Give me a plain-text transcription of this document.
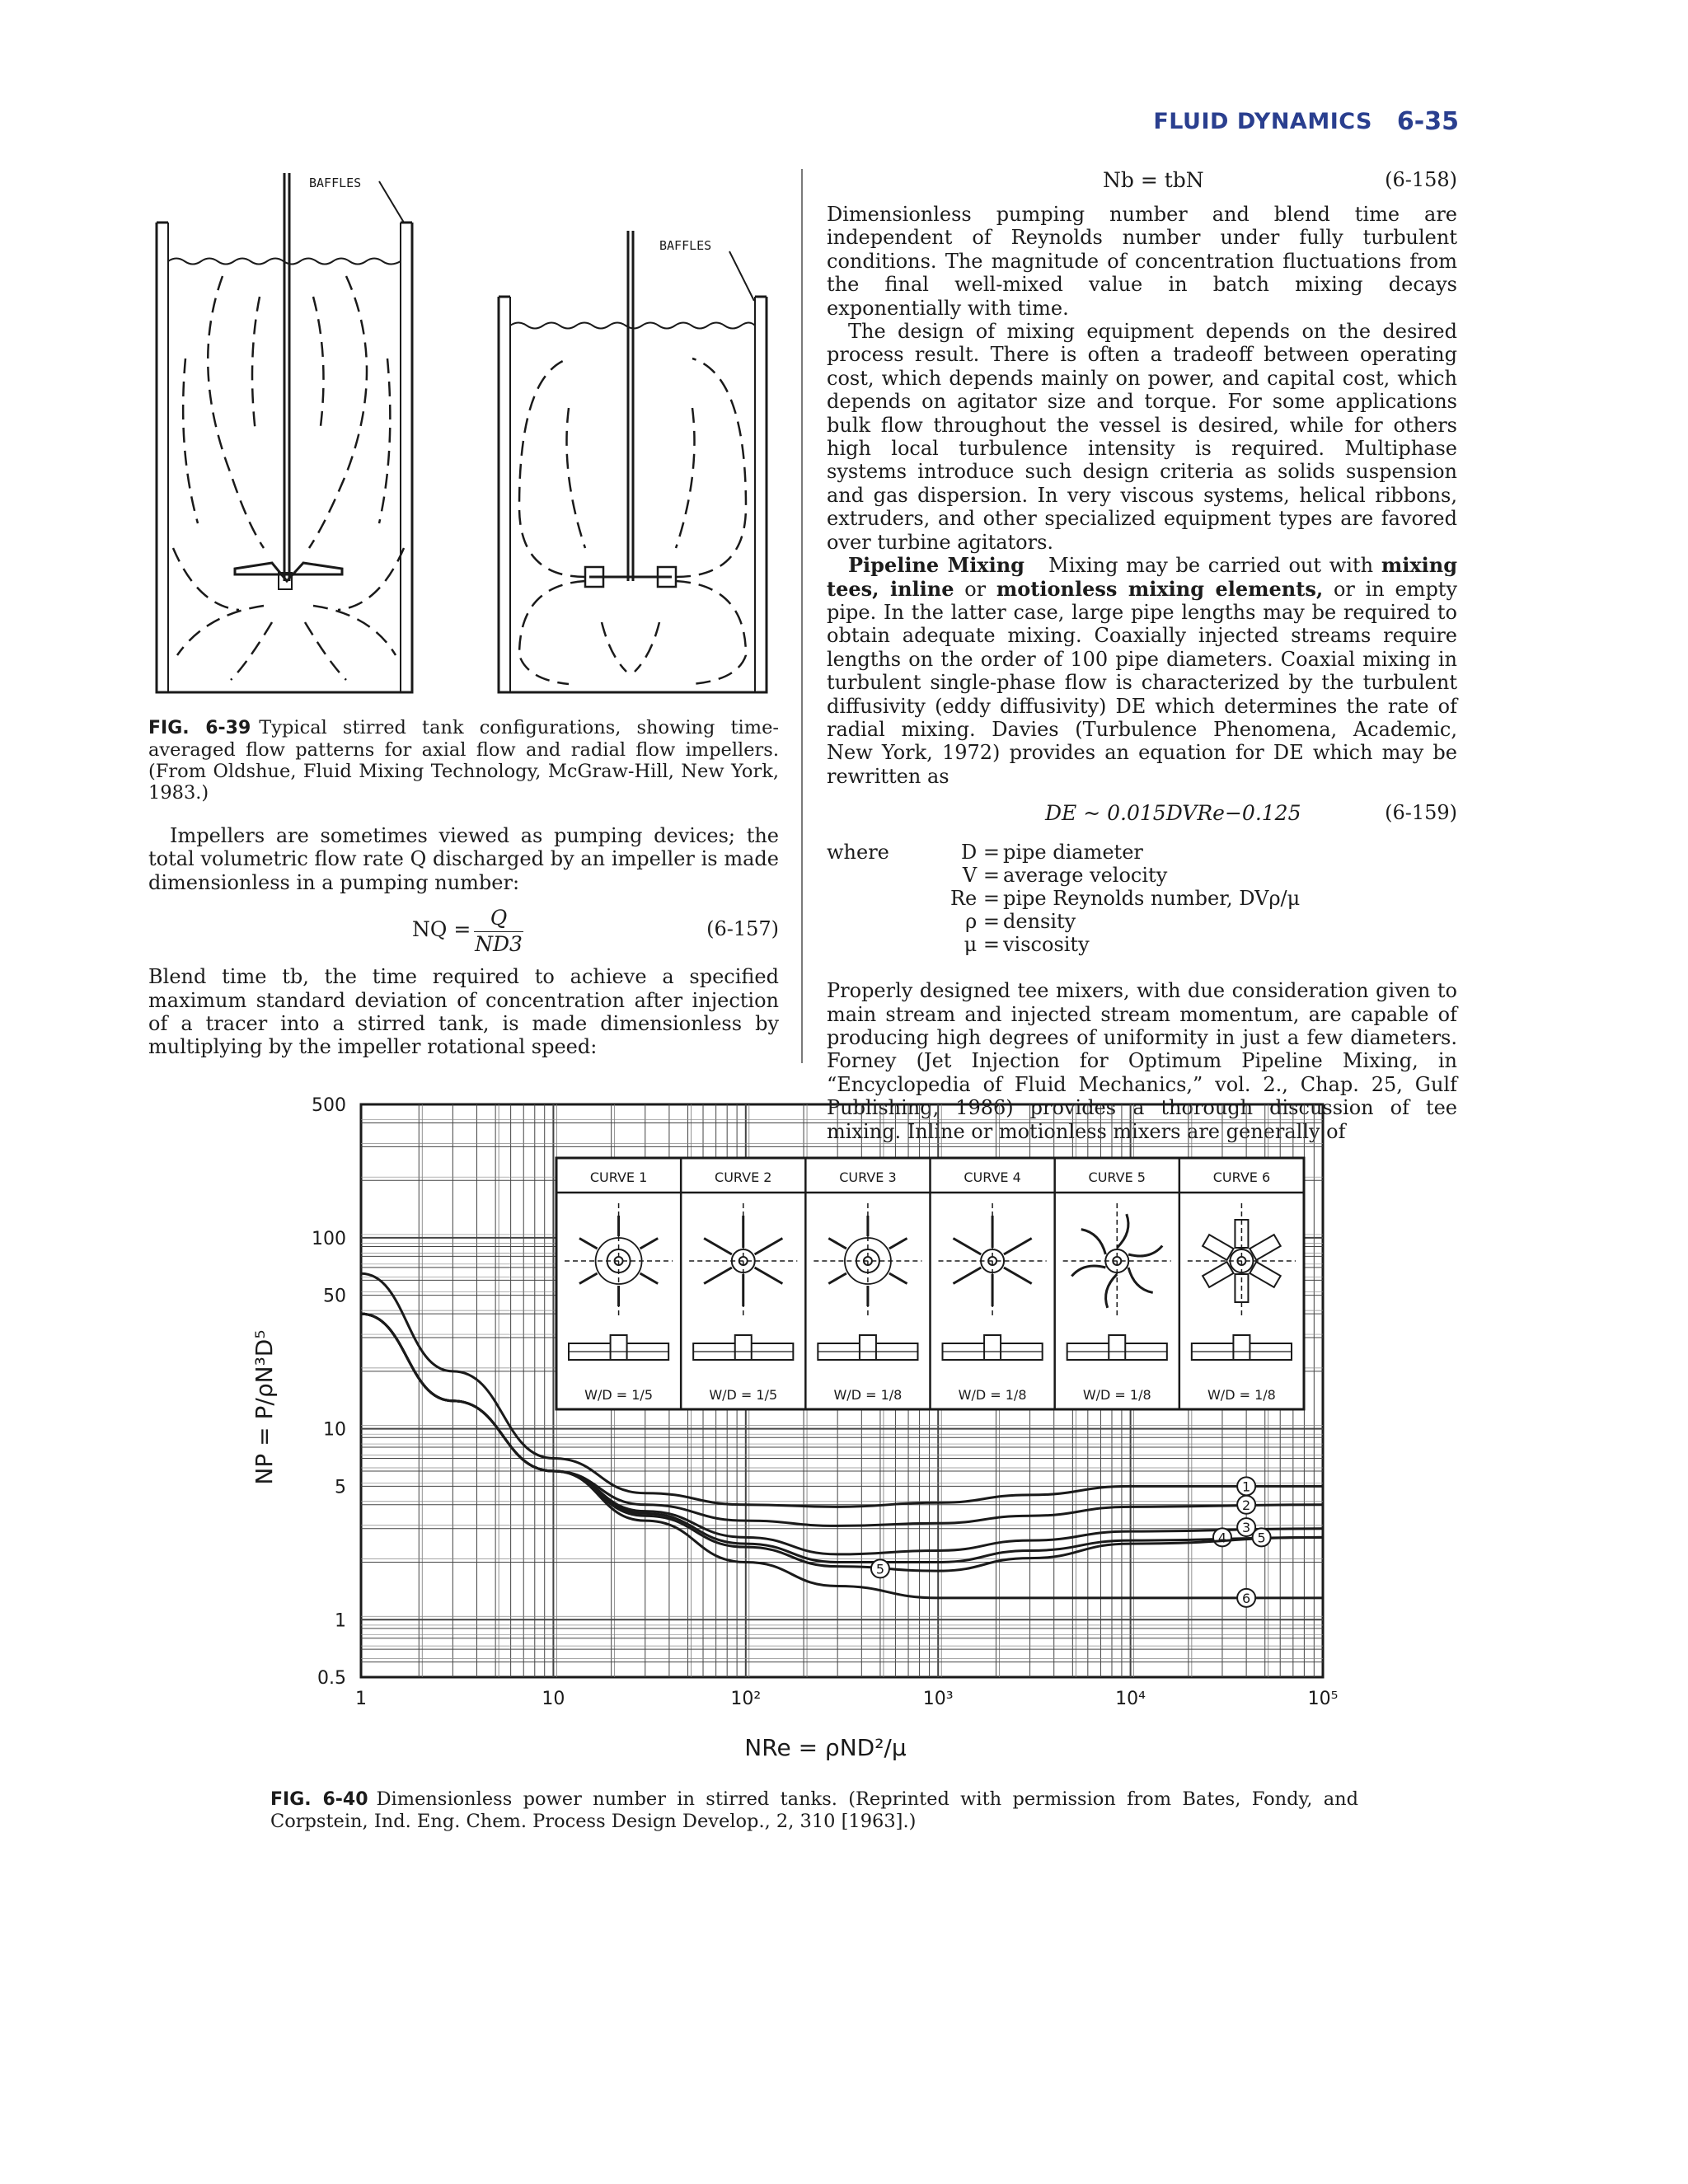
FLUID DYNAMICS 6-35
BAFFLES
BAFFLES
FIG. 6-39 Typical stirred tank configurations, showing time-averaged flow patterns for axial flow and radial flow impellers. (From Oldshue, Fluid Mixing Technology, McGraw-Hill, New York, 1983.)

Impellers are sometimes viewed as pumping devices; the total volumetric flow rate Q discharged by an impeller is made dimensionless in a pumping number:

NQ = $\frac{Q}{ND3}$	(6-157)

Blend time tb, the time required to achieve a specified maximum standard deviation of concentration after injection of a tracer into a stirred tank, is made dimensionless by multiplying by the impeller rotational speed:

Nb = tbN	(6-158)

Dimensionless pumping number and blend time are independent of Reynolds number under fully turbulent conditions. The magnitude of concentration fluctuations from the final well-mixed value in batch mixing decays exponentially with time.

The design of mixing equipment depends on the desired process result. There is often a tradeoff between operating cost, which depends mainly on power, and capital cost, which depends on agitator size and torque. For some applications bulk flow throughout the vessel is desired, while for others high local turbulence intensity is required. Multiphase systems introduce such design criteria as solids suspension and gas dispersion. In very viscous systems, helical ribbons, extruders, and other specialized equipment types are favored over turbine agitators.

Pipeline Mixing Mixing may be carried out with mixing tees, inline or motionless mixing elements, or in empty pipe. In the latter case, large pipe lengths may be required to obtain adequate mixing. Coaxially injected streams require lengths on the order of 100 pipe diameters. Coaxial mixing in turbulent single-phase flow is characterized by the turbulent diffusivity (eddy diffusivity) DE which determines the rate of radial mixing. Davies (Turbulence Phenomena, Academic, New York, 1972) provides an equation for DE which may be rewritten as

DE ~ 0.015DVRe−0.125	(6-159)
where	D = pipe diameter
V = average velocity
Re = pipe Reynolds number, DVρ/μ
ρ = density
μ = viscosity

Properly designed tee mixers, with due consideration given to main stream and injected stream momentum, are capable of producing high degrees of uniformity in just a few diameters. Forney (Jet Injection for Optimum Pipeline Mixing, in “Encyclopedia of Fluid Mechanics,” vol. 2., Chap. 25, Gulf Publishing, 1986) provides a thorough discussion of tee mixing. Inline or motionless mixers are generally of

CURVE 1
W/D = 1/5
CURVE 2
W/D = 1/5
CURVE 3
W/D = 1/8
CURVE 4
W/D = 1/8
CURVE 5
W/D = 1/8
CURVE 6
W/D = 1/8
1
2
3
4 5
6
5
1	10	10²	10³	10⁴	10⁵
0.5
1
5
10
50
100
500
NRe = ρND²/μ
NP = P/ρN³D⁵
FIG. 6-40 Dimensionless power number in stirred tanks. (Reprinted with permission from Bates, Fondy, and Corpstein, Ind. Eng. Chem. Process Design Develop., 2, 310 [1963].)
